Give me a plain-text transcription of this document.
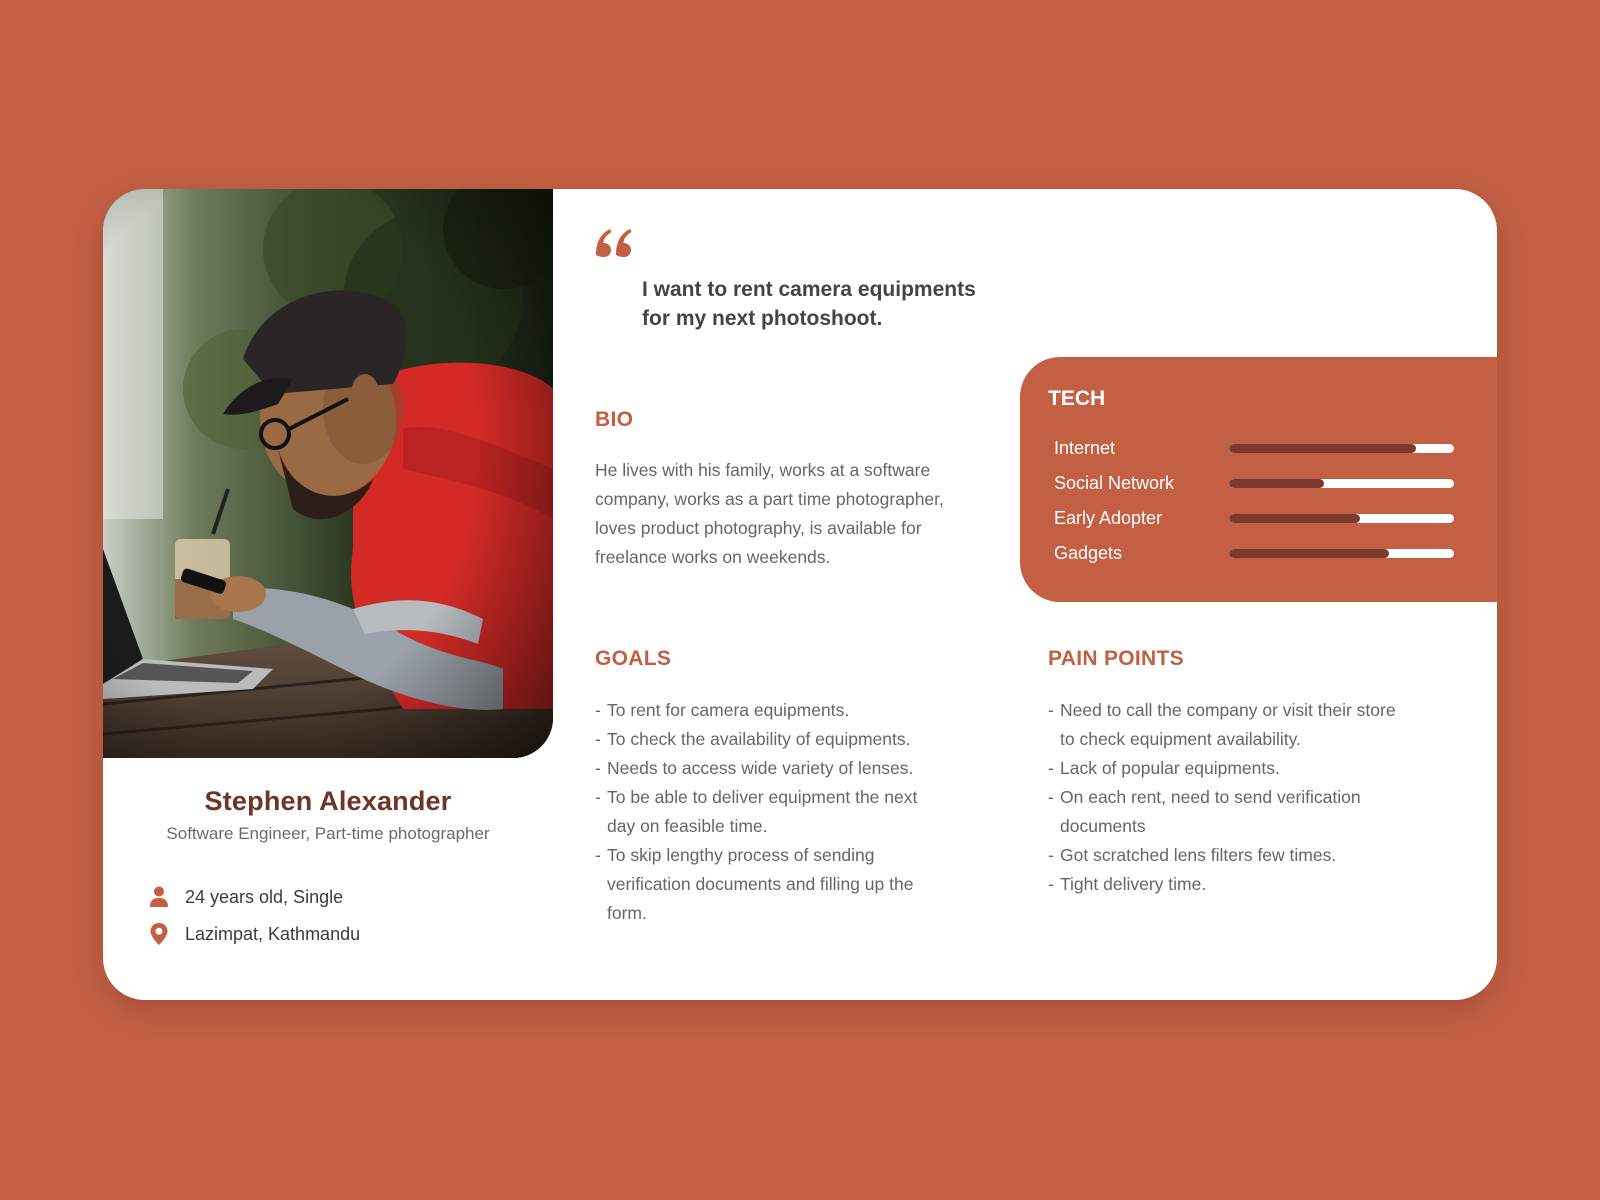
Stephen Alexander
Software Engineer, Part-time photographer
24 years old, Single
Lazimpat, Kathmandu
I want to rent camera equipments
for my next photoshoot.
BIO
He lives with his family, works at a software
company, works as a part time photographer,
loves product photography, is available for
freelance works on weekends.
TECH
Internet
Social Network
Early Adopter
Gadgets
GOALS
- To rent for camera equipments.
- To check the availability of equipments.
- Needs to access wide variety of lenses.
- To be able to deliver equipment the next
day on feasible time.
- To skip lengthy process of sending
verification documents and filling up the
form.
PAIN POINTS
- Need to call the company or visit their store
to check equipment availability.
- Lack of popular equipments.
- On each rent, need to send verification
documents
- Got scratched lens filters few times.
- Tight delivery time.
